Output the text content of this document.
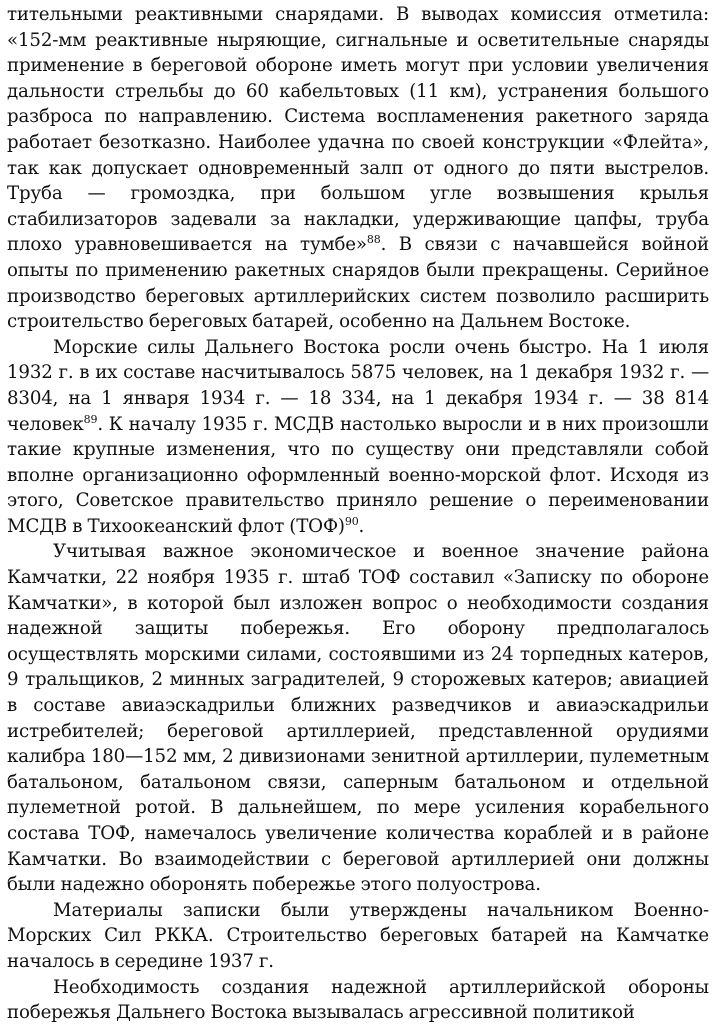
тительными реактивными снарядами. В выводах комиссия отметила: «152-мм реактивные ныряющие, сигнальные и осветительные снаряды применение в береговой обороне иметь могут при условии увеличения дальности стрельбы до 60 кабельтовых (11 км), устранения большого разброса по направлению. Система воспламенения ракетного заряда работает безотказно. Наиболее удачна по своей конструкции «Флейта», так как допускает одновременный залп от одного до пяти выстрелов. Труба — громоздка, при большом угле возвышения крылья стабилизаторов задевали за накладки, удерживающие цапфы, труба плохо уравновешивается на тумбе»$^{88}$. В связи с начавшейся войной опыты по применению ракетных снарядов были прекращены. Серийное производство береговых артиллерийских систем позволило расширить строительство береговых батарей, особенно на Дальнем Востоке.

Морские силы Дальнего Востока росли очень быстро. На 1 июля 1932 г. в их составе насчитывалось 5875 человек, на 1 декабря 1932 г. — 8304, на 1 января 1934 г. — 18 334, на 1 декабря 1934 г. — 38 814 человек$^{89}$. К началу 1935 г. МСДВ настолько выросли и в них произошли такие крупные изменения, что по существу они представляли собой вполне организационно оформленный военно-морской флот. Исходя из этого, Советское правительство приняло решение о переименовании МСДВ в Тихоокеанский флот (ТОФ)$^{90}$.

Учитывая важное экономическое и военное значение района Камчатки, 22 ноября 1935 г. штаб ТОФ составил «Записку по обороне Камчатки», в которой был изложен вопрос о необходимости создания надежной защиты побережья. Его оборону предполагалось осуществлять морскими силами, состоявшими из 24 торпедных катеров, 9 тральщиков, 2 минных заградителей, 9 сторожевых катеров; авиацией в составе авиаэскадрильи ближних разведчиков и авиаэскадрильи истребителей; береговой артиллерией, представленной орудиями калибра 180—152 мм, 2 дивизионами зенитной артиллерии, пулеметным батальоном, батальоном связи, саперным батальоном и отдельной пулеметной ротой. В дальнейшем, по мере усиления корабельного состава ТОФ, намечалось увеличение количества кораблей и в районе Камчатки. Во взаимодействии с береговой артиллерией они должны были надежно оборонять побережье этого полуострова.

Материалы записки были утверждены начальником Военно-Морских Сил РККА. Строительство береговых батарей на Камчатке началось в середине 1937 г.

Необходимость создания надежной артиллерийской обороны побережья Дальнего Востока вызывалась агрессивной политикой
